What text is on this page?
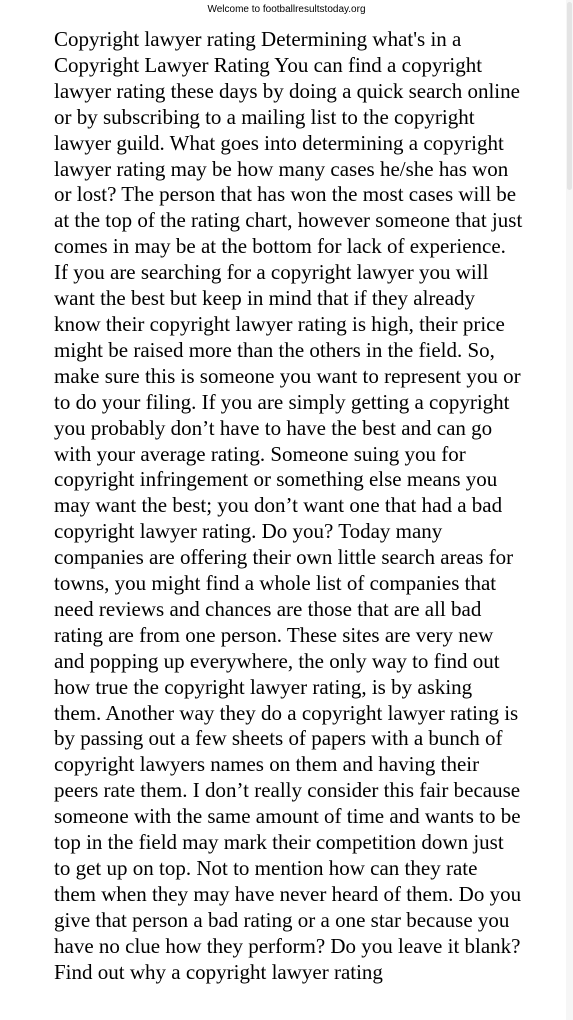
Welcome to footballresultstoday.org

Copyright lawyer rating Determining what's in a Copyright Lawyer Rating You can find a copyright lawyer rating these days by doing a quick search online or by subscribing to a mailing list to the copyright lawyer guild. What goes into determining a copyright lawyer rating may be how many cases he/she has won or lost? The person that has won the most cases will be at the top of the rating chart, however someone that just comes in may be at the bottom for lack of experience. If you are searching for a copyright lawyer you will want the best but keep in mind that if they already know their copyright lawyer rating is high, their price might be raised more than the others in the field. So, make sure this is someone you want to represent you or to do your filing. If you are simply getting a copyright you probably don’t have to have the best and can go with your average rating. Someone suing you for copyright infringement or something else means you may want the best; you don’t want one that had a bad copyright lawyer rating. Do you? Today many companies are offering their own little search areas for towns, you might find a whole list of companies that need reviews and chances are those that are all bad rating are from one person. These sites are very new and popping up everywhere, the only way to find out how true the copyright lawyer rating, is by asking them. Another way they do a copyright lawyer rating is by passing out a few sheets of papers with a bunch of copyright lawyers names on them and having their peers rate them. I don’t really consider this fair because someone with the same amount of time and wants to be top in the field may mark their competition down just to get up on top. Not to mention how can they rate them when they may have never heard of them. Do you give that person a bad rating or a one star because you have no clue how they perform? Do you leave it blank? Find out why a copyright lawyer rating
